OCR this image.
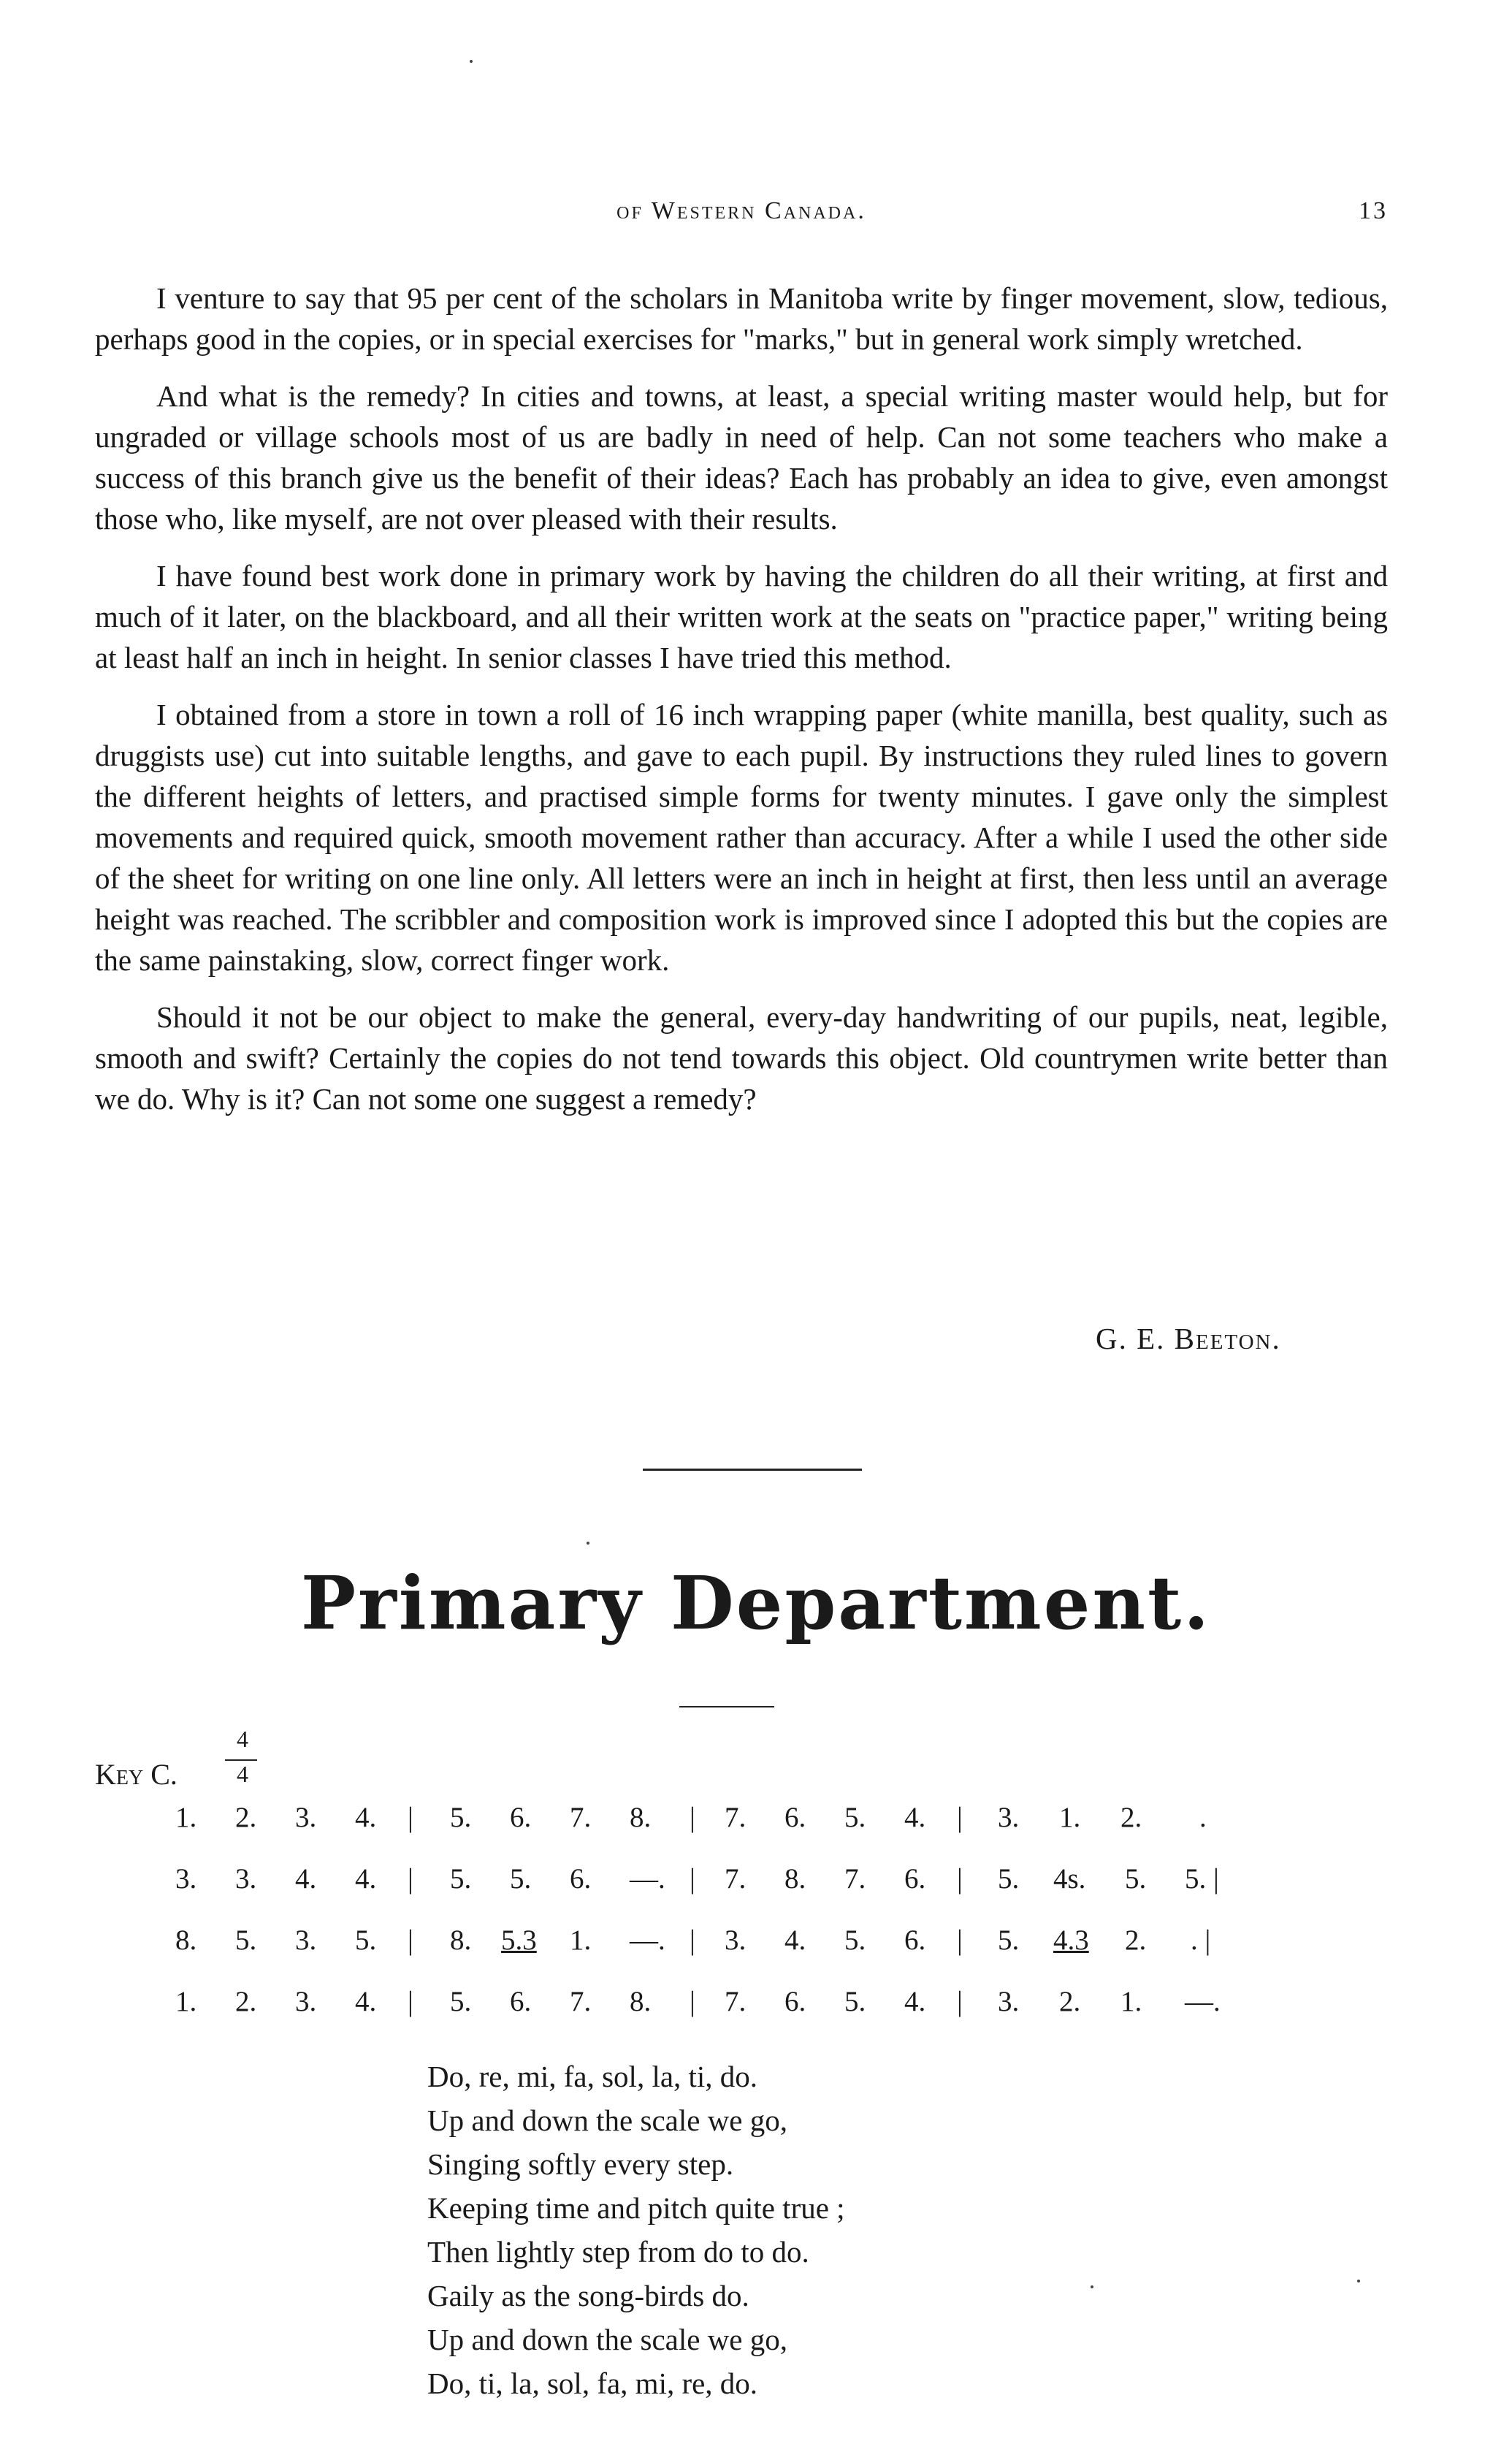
of Western Canada.	13

I venture to say that 95 per cent of the scholars in Manitoba write by finger movement, slow, tedious, perhaps good in the copies, or in special exercises for "marks," but in general work simply wretched.

And what is the remedy? In cities and towns, at least, a special writing master would help, but for ungraded or village schools most of us are badly in need of help. Can not some teachers who make a success of this branch give us the benefit of their ideas? Each has probably an idea to give, even amongst those who, like myself, are not over pleased with their results.

I have found best work done in primary work by having the children do all their writing, at first and much of it later, on the blackboard, and all their written work at the seats on "practice paper," writing being at least half an inch in height. In senior classes I have tried this method.

I obtained from a store in town a roll of 16 inch wrapping paper (white manilla, best quality, such as druggists use) cut into suitable lengths, and gave to each pupil. By instructions they ruled lines to govern the different heights of letters, and practised simple forms for twenty minutes. I gave only the simplest movements and required quick, smooth movement rather than accuracy. After a while I used the other side of the sheet for writing on one line only. All letters were an inch in height at first, then less until an average height was reached. The scribbler and composition work is improved since I adopted this but the copies are the same painstaking, slow, correct finger work.

Should it not be our object to make the general, every-day handwriting of our pupils, neat, legible, smooth and swift? Certainly the copies do not tend towards this object. Old countrymen write better than we do. Why is it? Can not some one suggest a remedy?

G. E. Beeton.
Primary Department.
4
Key C.	4
1. 2. 3. 4. | 5. 6. 7. 8. | 7. 6. 5. 4. | 3. 1. 2. .
3. 3. 4. 4. | 5. 5. 6. —. | 7. 8. 7. 6. | 5. 4s. 5. 5. |
8. 5. 3. 5. | 8. 5.3 1. —. | 3. 4. 5. 6. | 5. 4.3 2. . |
1. 2. 3. 4. | 5. 6. 7. 8. | 7. 6. 5. 4. | 3. 2. 1. —.
Do, re, mi, fa, sol, la, ti, do.
Up and down the scale we go,
Singing softly every step.
Keeping time and pitch quite true ;
Then lightly step from do to do.
Gaily as the song-birds do.
Up and down the scale we go,
Do, ti, la, sol, fa, mi, re, do.
